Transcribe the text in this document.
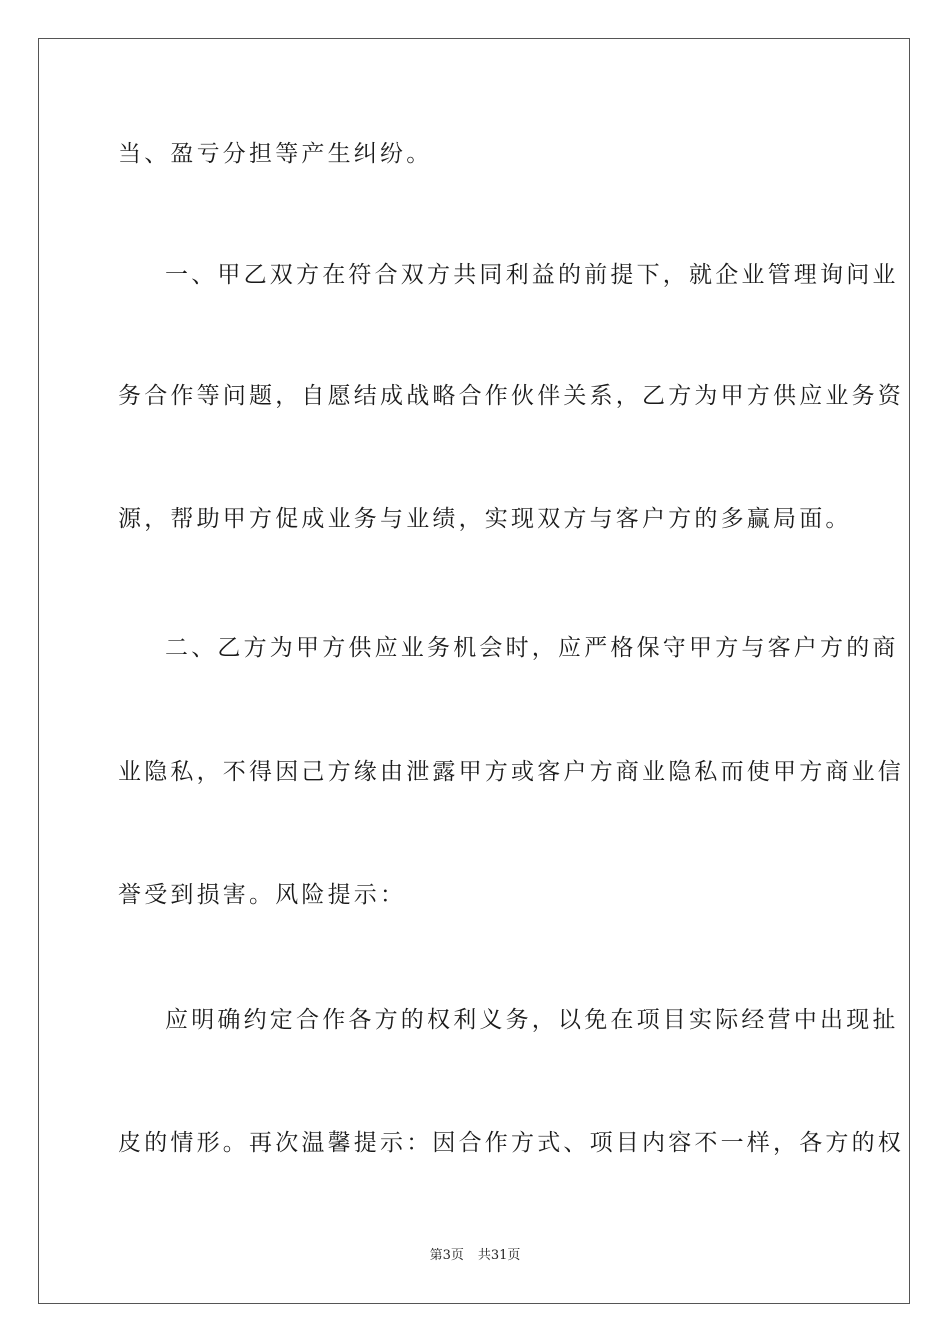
当、盈亏分担等产生纠纷。
一、甲乙双方在符合双方共同利益的前提下，就企业管理询问业
务合作等问题，自愿结成战略合作伙伴关系，乙方为甲方供应业务资
源，帮助甲方促成业务与业绩，实现双方与客户方的多赢局面。
二、乙方为甲方供应业务机会时，应严格保守甲方与客户方的商
业隐私，不得因己方缘由泄露甲方或客户方商业隐私而使甲方商业信
誉受到损害。风险提示：
应明确约定合作各方的权利义务，以免在项目实际经营中出现扯
皮的情形。再次温馨提示：因合作方式、项目内容不一样，各方的权
第3页 共31页
